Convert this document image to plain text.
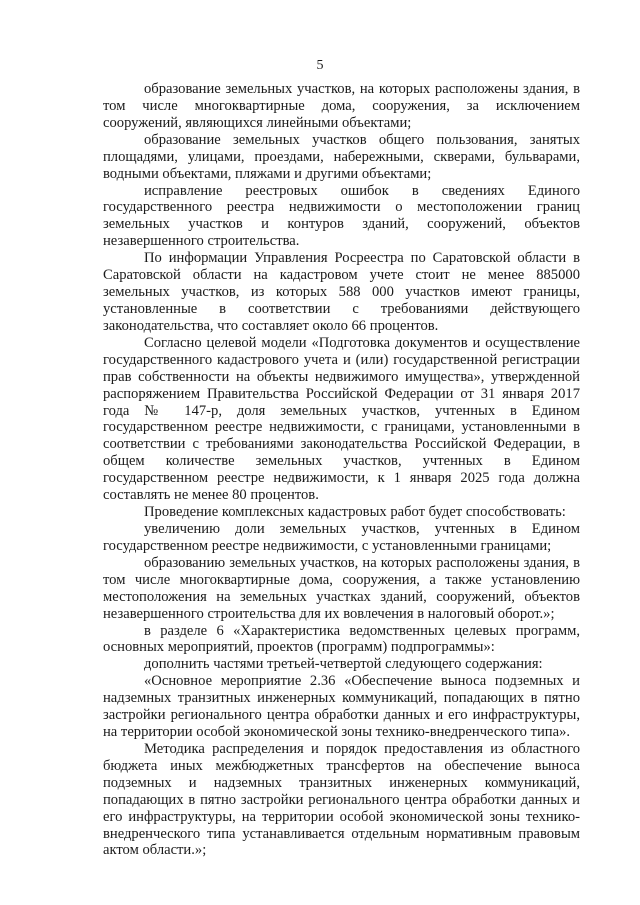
5

образование земельных участков, на которых расположены здания, в том числе многоквартирные дома, сооружения, за исключением сооружений, являющихся линейными объектами;

образование земельных участков общего пользования, занятых площадями, улицами, проездами, набережными, скверами, бульварами, водными объектами, пляжами и другими объектами;

исправление реестровых ошибок в сведениях Единого государственного реестра недвижимости о местоположении границ земельных участков и контуров зданий, сооружений, объектов незавершенного строительства.

По информации Управления Росреестра по Саратовской области в Саратовской области на кадастровом учете стоит не менее 885000 земельных участков, из которых 588 000 участков имеют границы, установленные в соответствии с требованиями действующего законодательства, что составляет около 66 процентов.

Согласно целевой модели «Подготовка документов и осуществление государственного кадастрового учета и (или) государственной регистрации прав собственности на объекты недвижимого имущества», утвержденной распоряжением Правительства Российской Федерации от 31 января 2017 года № 147-р, доля земельных участков, учтенных в Едином государственном реестре недвижимости, с границами, установленными в соответствии с требованиями законодательства Российской Федерации, в общем количестве земельных участков, учтенных в Едином государственном реестре недвижимости, к 1 января 2025 года должна составлять не менее 80 процентов.

Проведение комплексных кадастровых работ будет способствовать:

увеличению доли земельных участков, учтенных в Едином государственном реестре недвижимости, с установленными границами;

образованию земельных участков, на которых расположены здания, в том числе многоквартирные дома, сооружения, а также установлению местоположения на земельных участках зданий, сооружений, объектов незавершенного строительства для их вовлечения в налоговый оборот.»;

в разделе 6 «Характеристика ведомственных целевых программ, основных мероприятий, проектов (программ) подпрограммы»:

дополнить частями третьей-четвертой следующего содержания:

«Основное мероприятие 2.36 «Обеспечение выноса подземных и надземных транзитных инженерных коммуникаций, попадающих в пятно застройки регионального центра обработки данных и его инфраструктуры, на территории особой экономической зоны технико-внедренческого типа».

Методика распределения и порядок предоставления из областного бюджета иных межбюджетных трансфертов на обеспечение выноса подземных и надземных транзитных инженерных коммуникаций, попадающих в пятно застройки регионального центра обработки данных и его инфраструктуры, на территории особой экономической зоны технико-внедренческого типа устанавливается отдельным нормативным правовым актом области.»;
